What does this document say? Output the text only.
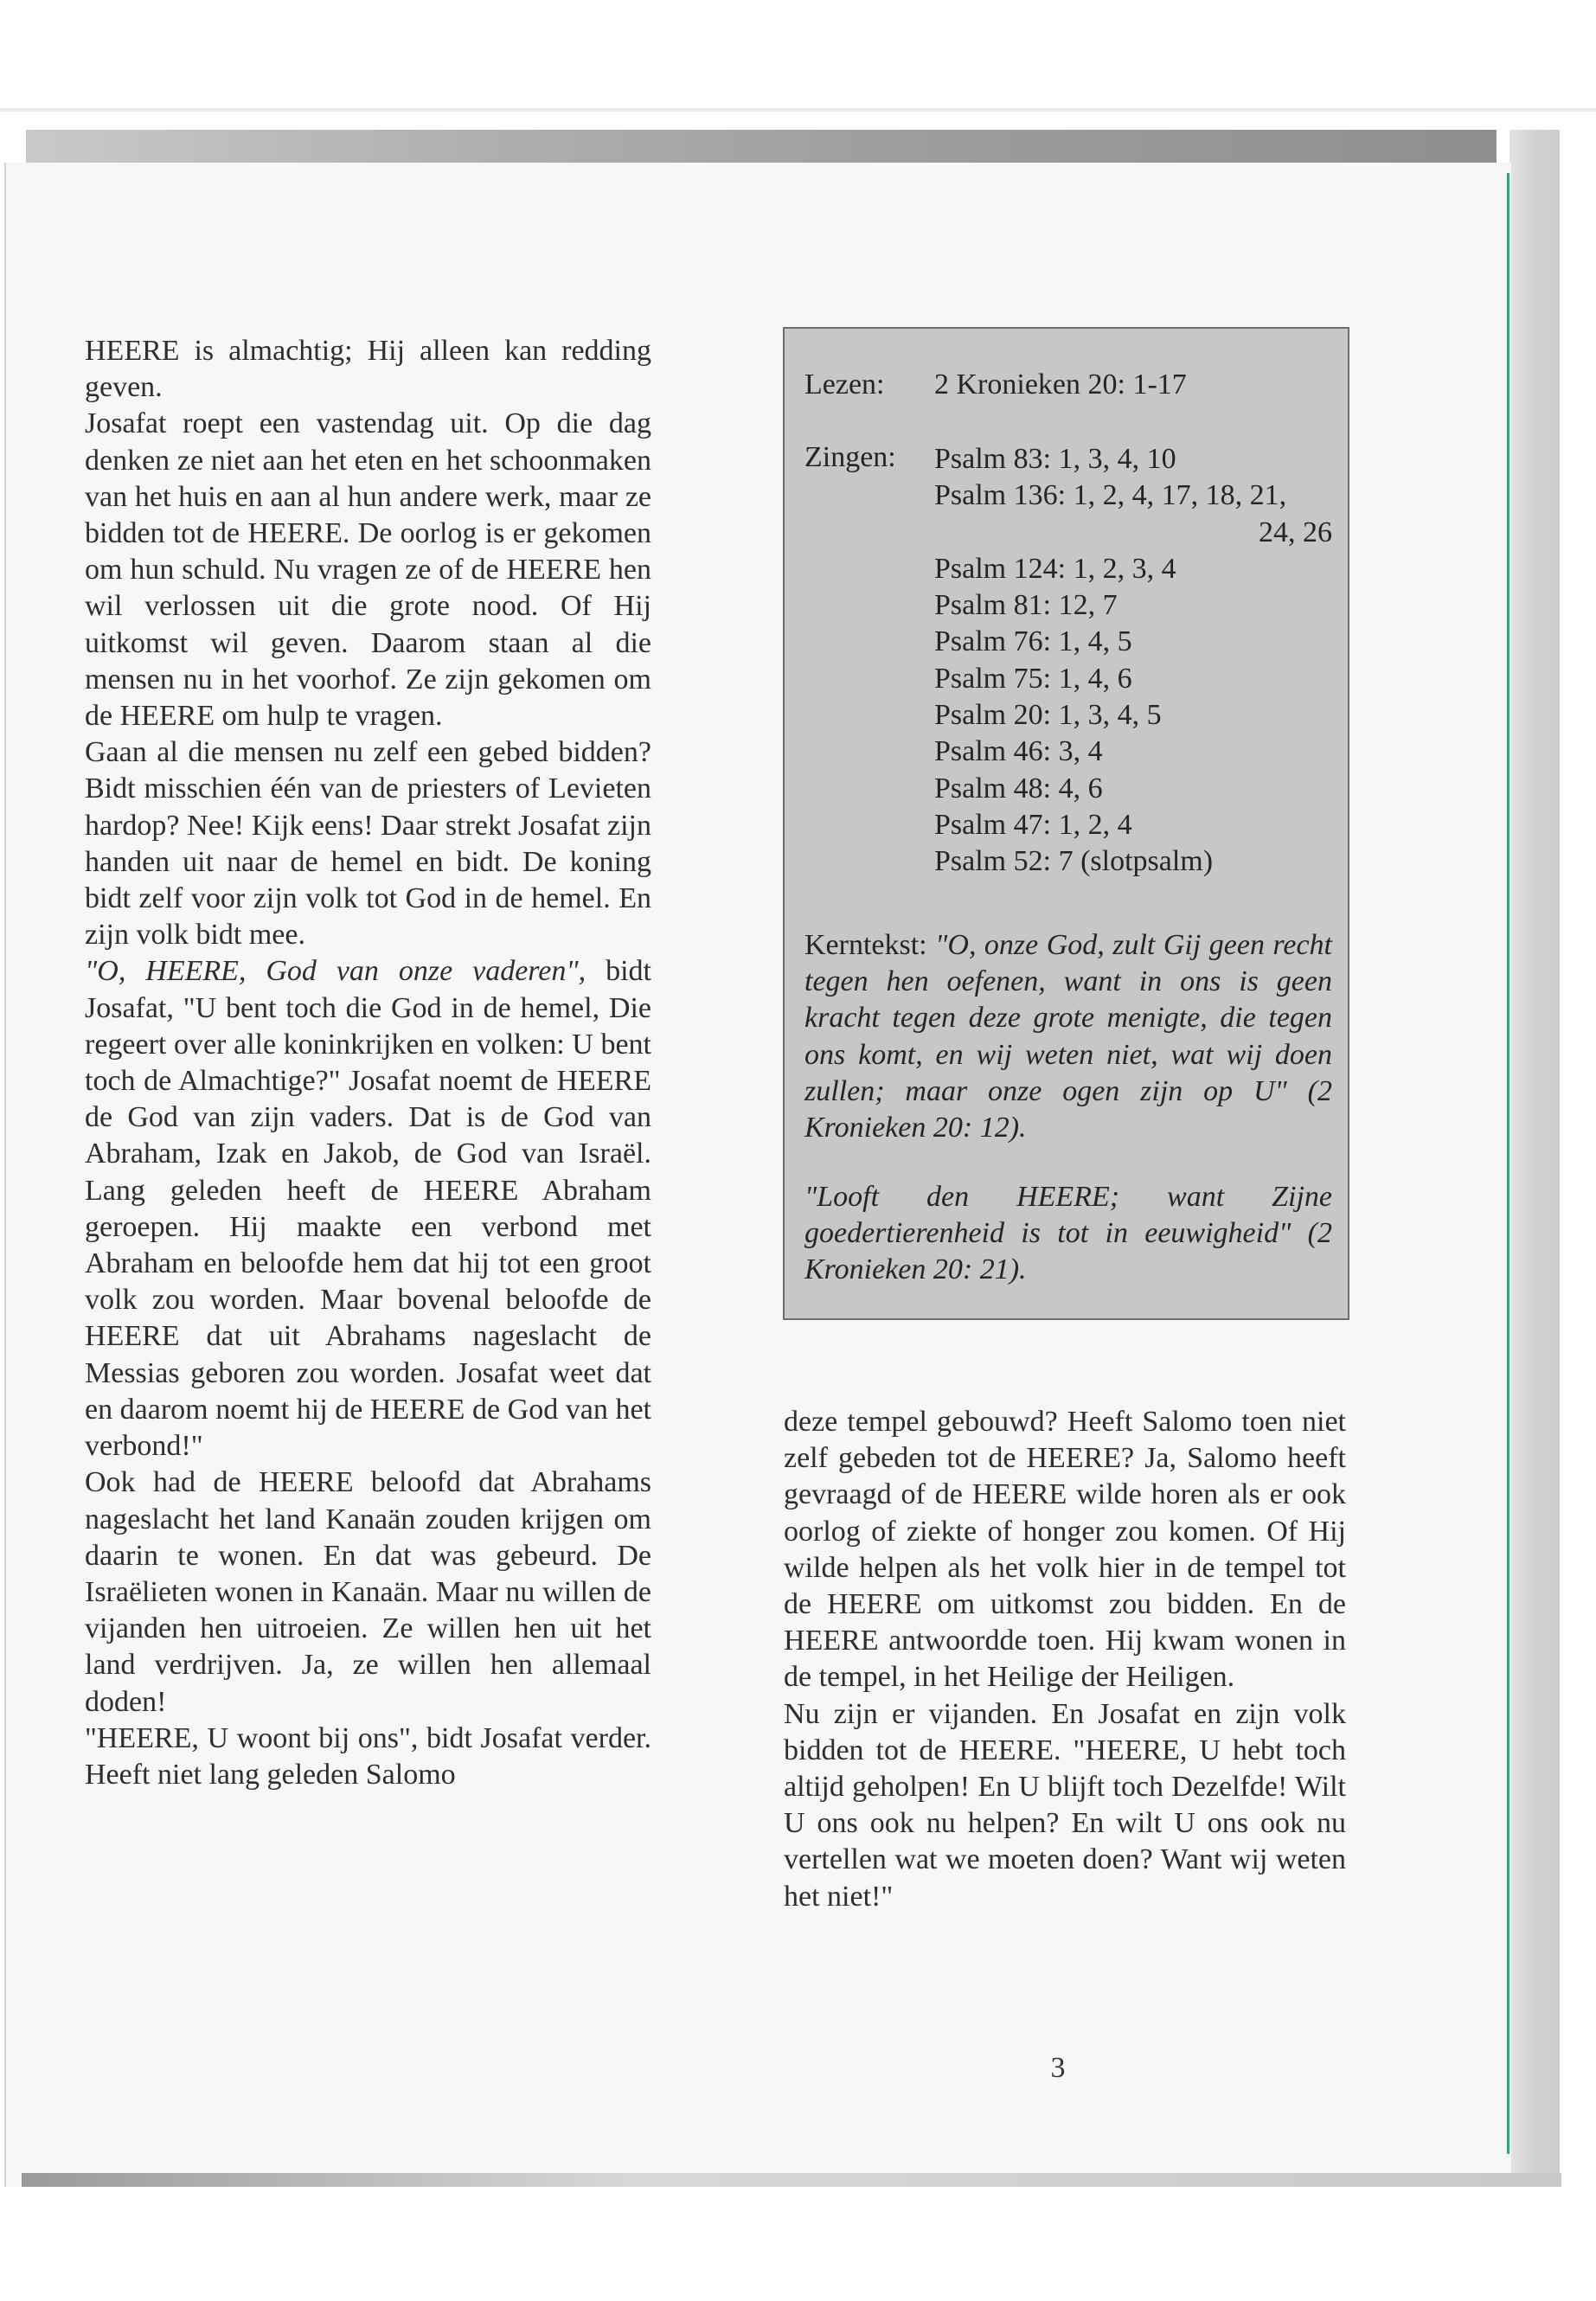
HEERE is almachtig; Hij alleen kan redding geven.

Josafat roept een vastendag uit. Op die dag denken ze niet aan het eten en het schoonmaken van het huis en aan al hun andere werk, maar ze bidden tot de HEERE. De oorlog is er gekomen om hun schuld. Nu vragen ze of de HEERE hen wil verlossen uit die grote nood. Of Hij uitkomst wil geven. Daarom staan al die mensen nu in het voorhof. Ze zijn gekomen om de HEERE om hulp te vragen.

Gaan al die mensen nu zelf een gebed bidden? Bidt misschien één van de priesters of Levieten hardop? Nee! Kijk eens! Daar strekt Josafat zijn handen uit naar de hemel en bidt. De koning bidt zelf voor zijn volk tot God in de hemel. En zijn volk bidt mee.

"O, HEERE, God van onze vaderen", bidt Josafat, "U bent toch die God in de hemel, Die regeert over alle koninkrijken en volken: U bent toch de Almachtige?" Josafat noemt de HEERE de God van zijn vaders. Dat is de God van Abraham, Izak en Jakob, de God van Israël. Lang geleden heeft de HEERE Abraham geroepen. Hij maakte een verbond met Abraham en beloofde hem dat hij tot een groot volk zou worden. Maar bovenal beloofde de HEERE dat uit Abrahams nageslacht de Messias geboren zou worden. Josafat weet dat en daarom noemt hij de HEERE de God van het verbond!"

Ook had de HEERE beloofd dat Abrahams nageslacht het land Kanaän zouden krijgen om daarin te wonen. En dat was gebeurd. De Israëlieten wonen in Kanaän. Maar nu willen de vijanden hen uitroeien. Ze willen hen uit het land verdrijven. Ja, ze willen hen allemaal doden!

"HEERE, U woont bij ons", bidt Josafat verder. Heeft niet lang geleden Salomo

Lezen: 2 Kronieken 20: 1-17
Zingen: Psalm 83: 1, 3, 4, 10
Psalm 136: 1, 2, 4, 17, 18, 21,
24, 26
Psalm 124: 1, 2, 3, 4
Psalm 81: 12, 7
Psalm 76: 1, 4, 5
Psalm 75: 1, 4, 6
Psalm 20: 1, 3, 4, 5
Psalm 46: 3, 4
Psalm 48: 4, 6
Psalm 47: 1, 2, 4
Psalm 52: 7 (slotpsalm)
Kerntekst: "O, onze God, zult Gij geen recht tegen hen oefenen, want in ons is geen kracht tegen deze grote menigte, die tegen ons komt, en wij weten niet, wat wij doen zullen; maar onze ogen zijn op U" (2 Kronieken 20: 12).
"Looft den HEERE; want Zijne goedertierenheid is tot in eeuwigheid" (2 Kronieken 20: 21).

deze tempel gebouwd? Heeft Salomo toen niet zelf gebeden tot de HEERE? Ja, Salomo heeft gevraagd of de HEERE wilde horen als er ook oorlog of ziekte of honger zou komen. Of Hij wilde helpen als het volk hier in de tempel tot de HEERE om uitkomst zou bidden. En de HEERE antwoordde toen. Hij kwam wonen in de tempel, in het Heilige der Heiligen.

Nu zijn er vijanden. En Josafat en zijn volk bidden tot de HEERE. "HEERE, U hebt toch altijd geholpen! En U blijft toch Dezelfde! Wilt U ons ook nu helpen? En wilt U ons ook nu vertellen wat we moeten doen? Want wij weten het niet!"

3
